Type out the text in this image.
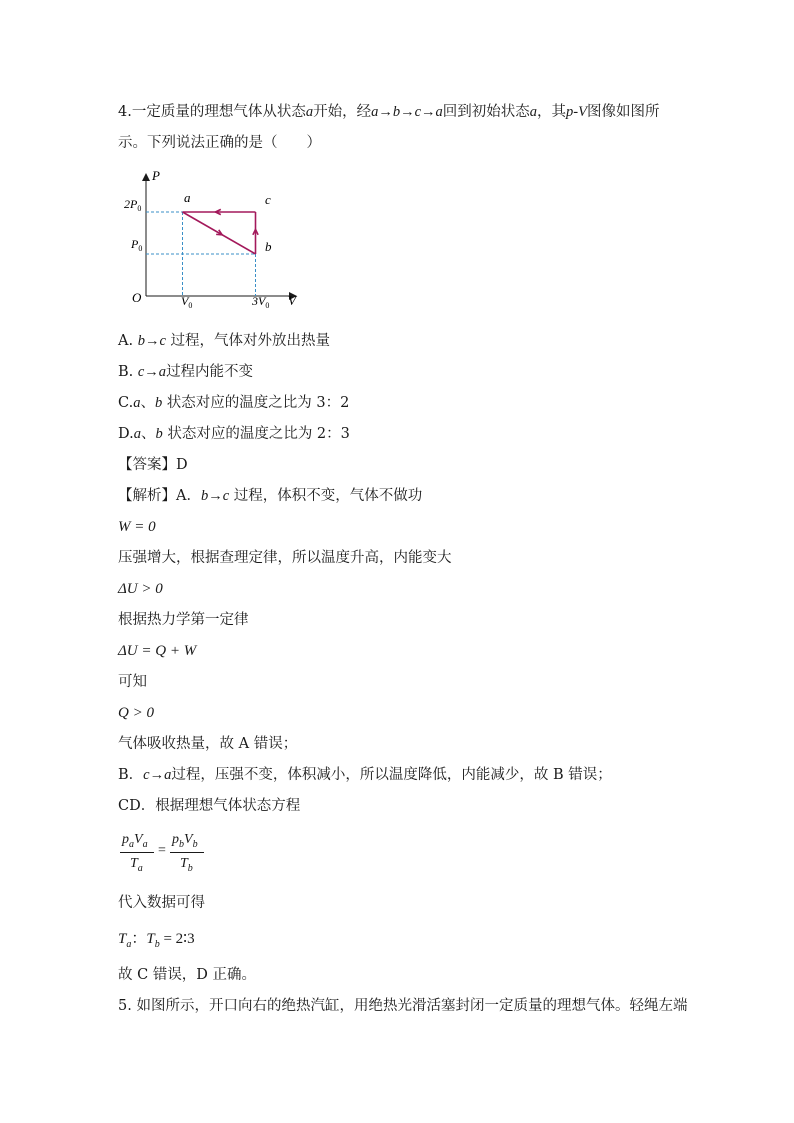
4.一定质量的理想气体从状态a开始，经a→b→c→a回到初始状态a，其p-V图像如图所
示。下列说法正确的是（　　）
P
V
O
$2P_0$
$P_0$
$V_0$	$3V_0$
a
b
c
A. b→c 过程，气体对外放出热量
B. c→a过程内能不变
C.a、b 状态对应的温度之比为 3：2
D.a、b 状态对应的温度之比为 2：3
【答案】D
【解析】A．b→c 过程，体积不变，气体不做功
W = 0
压强增大，根据查理定律，所以温度升高，内能变大
ΔU > 0
根据热力学第一定律
ΔU = Q + W
可知
Q > 0
气体吸收热量，故 A 错误；
B．c→a过程，压强不变，体积减小，所以温度降低，内能减少，故 B 错误；
CD．根据理想气体状态方程
$p_aV_a$
$T_a$
=
$p_bV_b$
$T_b$
代入数据可得
$T_a$：$T_b$ = 2∶3
故 C 错误，D 正确。
5. 如图所示，开口向右的绝热汽缸，用绝热光滑活塞封闭一定质量的理想气体。轻绳左端
